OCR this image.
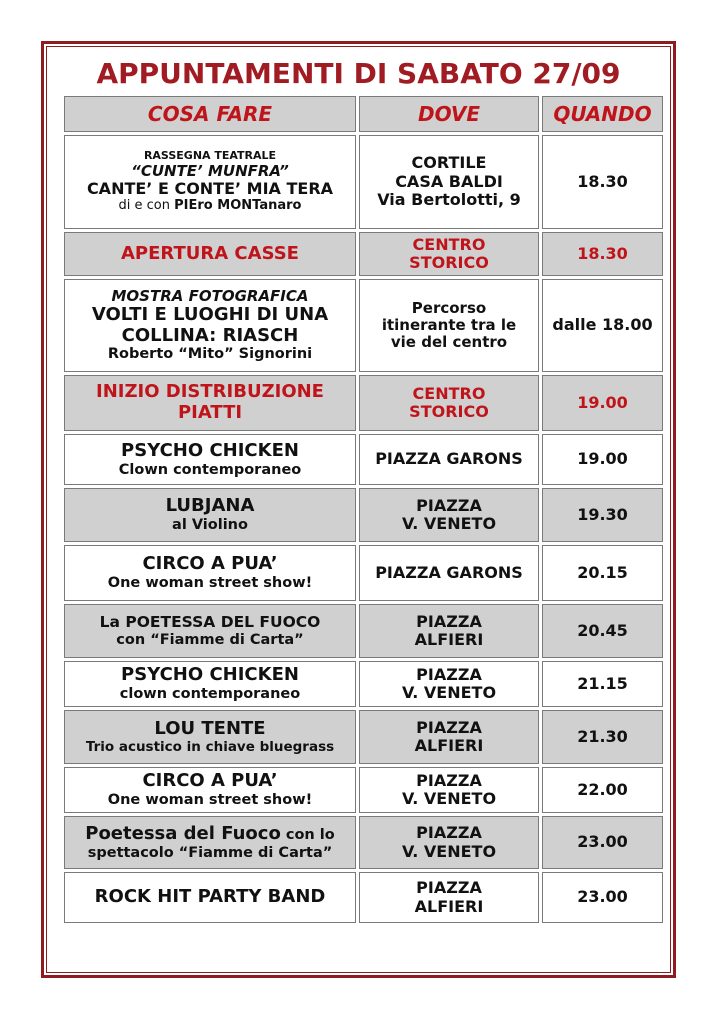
APPUNTAMENTI DI SABATO 27/09
COSA FARE	DOVE	QUANDO

RASSEGNA TEATRALE
“CUNTE’ MUNFRA”
CANTE’ E CONTE’ MIA TERA
di e con PIEro MONTanaro	CORTILE
CASA BALDI
Via Bertolotti, 9	18.30
APERTURA CASSE	CENTRO
STORICO	18.30

MOSTRA FOTOGRAFICA
VOLTI E LUOGHI DI UNA
COLLINA: RIASCH
Roberto “Mito” Signorini	Percorso
itinerante tra le
vie del centro	dalle 18.00

INIZIO DISTRIBUZIONE
PIATTI	CENTRO
STORICO	19.00

PSYCHO CHICKEN
Clown contemporaneo	PIAZZA GARONS	19.00

LUBJANA
al Violino	PIAZZA
V. VENETO	19.30

CIRCO A PUA’
One woman street show!	PIAZZA GARONS	20.15

La POETESSA DEL FUOCO
con “Fiamme di Carta”	PIAZZA
ALFIERI	20.45

PSYCHO CHICKEN
clown contemporaneo	PIAZZA
V. VENETO	21.15

LOU TENTE
Trio acustico in chiave bluegrass	PIAZZA
ALFIERI	21.30

CIRCO A PUA’
One woman street show!	PIAZZA
V. VENETO	22.00

Poetessa del Fuoco con lo
spettacolo “Fiamme di Carta”	PIAZZA
V. VENETO	23.00
ROCK HIT PARTY BAND	PIAZZA
ALFIERI	23.00
